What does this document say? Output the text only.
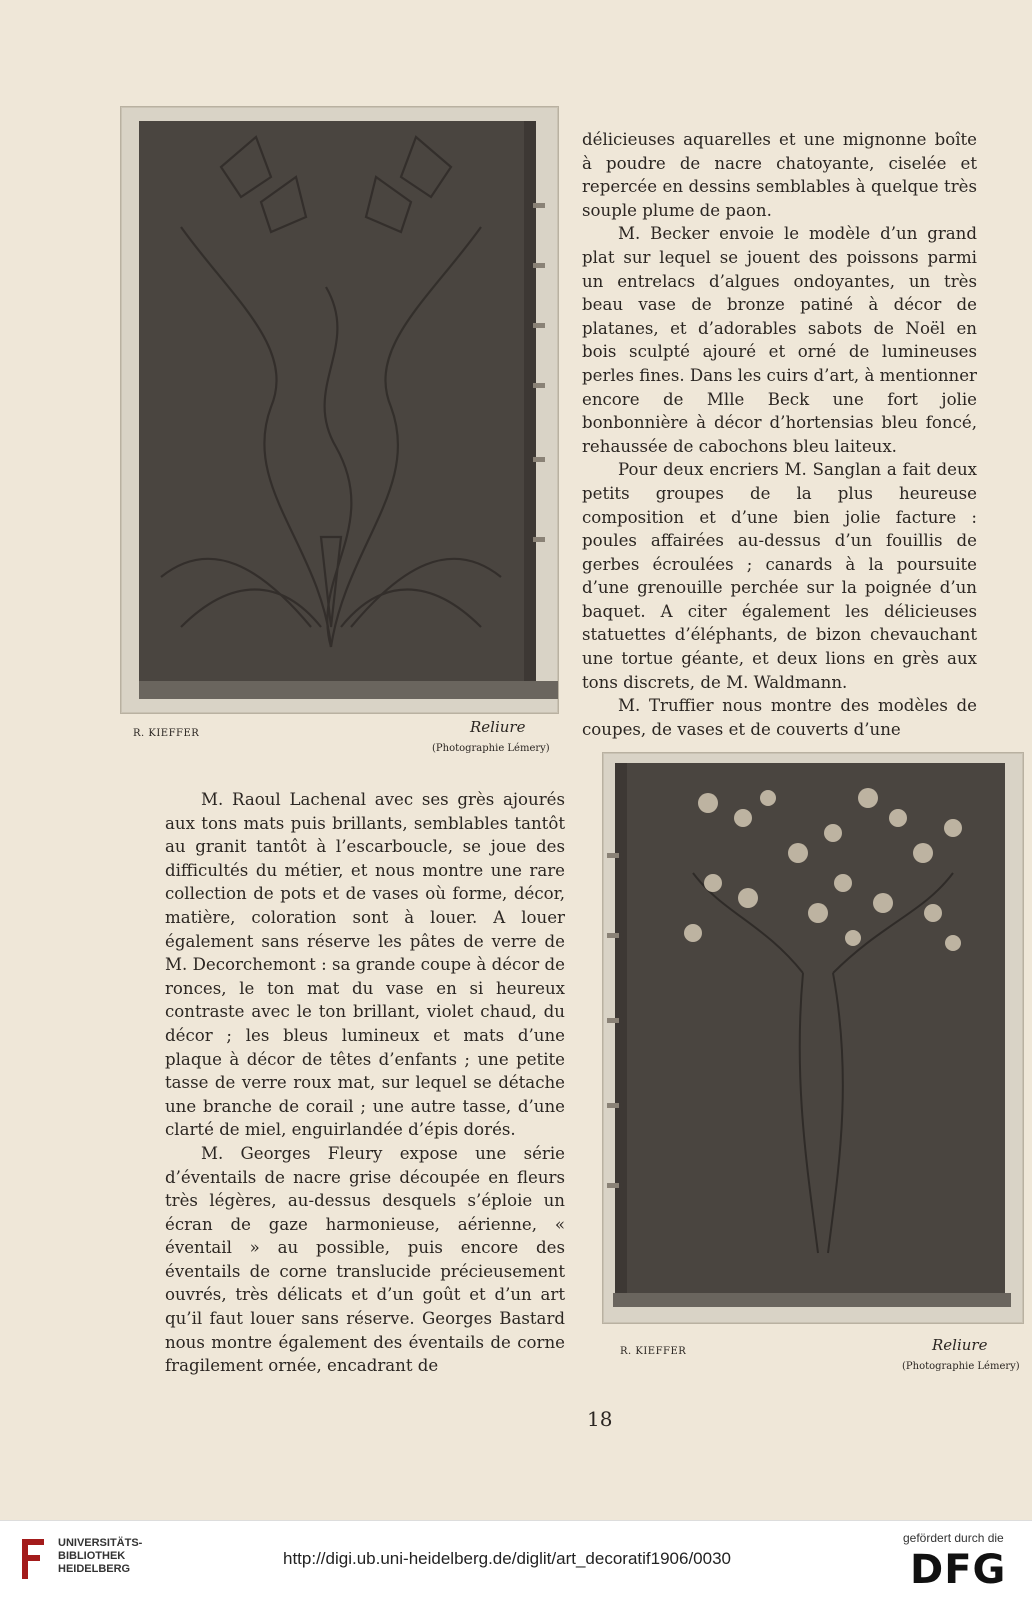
R. KIEFFER	Reliure
(Photographie Lémery)

délicieuses aquarelles et une mignonne boîte à poudre de nacre chatoyante, ciselée et repercée en dessins semblables à quelque très souple plume de paon.

M. Becker envoie le modèle d’un grand plat sur lequel se jouent des poissons parmi un entrelacs d’algues ondoyantes, un très beau vase de bronze patiné à décor de platanes, et d’adorables sabots de Noël en bois sculpté ajouré et orné de lumineuses perles fines. Dans les cuirs d’art, à mentionner encore de Mlle Beck une fort jolie bonbonnière à décor d’hortensias bleu foncé, rehaussée de cabochons bleu laiteux.

Pour deux encriers M. Sanglan a fait deux petits groupes de la plus heureuse composition et d’une bien jolie facture : poules affairées au-dessus d’un fouillis de gerbes écroulées ; canards à la poursuite d’une grenouille perchée sur la poignée d’un baquet. A citer également les délicieuses statuettes d’éléphants, de bizon chevauchant une tortue géante, et deux lions en grès aux tons discrets, de M. Waldmann.

M. Truffier nous montre des modèles de coupes, de vases et de couverts d’une

R. KIEFFER	Reliure
(Photographie Lémery)

M. Raoul Lachenal avec ses grès ajourés aux tons mats puis brillants, semblables tantôt au granit tantôt à l’escarboucle, se joue des difficultés du métier, et nous montre une rare collection de pots et de vases où forme, décor, matière, coloration sont à louer. A louer également sans réserve les pâtes de verre de M. Decorchemont : sa grande coupe à décor de ronces, le ton mat du vase en si heureux contraste avec le ton brillant, violet chaud, du décor ; les bleus lumineux et mats d’une plaque à décor de têtes d’enfants ; une petite tasse de verre roux mat, sur lequel se détache une branche de corail ; une autre tasse, d’une clarté de miel, enguirlandée d’épis dorés.

M. Georges Fleury expose une série d’éventails de nacre grise découpée en fleurs très légères, au-dessus desquels s’éploie un écran de gaze harmonieuse, aérienne, « éventail » au possible, puis encore des éventails de corne translucide précieusement ouvrés, très délicats et d’un goût et d’un art qu’il faut louer sans réserve. Georges Bastard nous montre également des éventails de corne fragilement ornée, encadrant de

18
UNIVERSITÄTS-
BIBLIOTHEK
HEIDELBERG
http://digi.ub.uni-heidelberg.de/diglit/art_decoratif1906/0030
gefördert durch die
DFG
